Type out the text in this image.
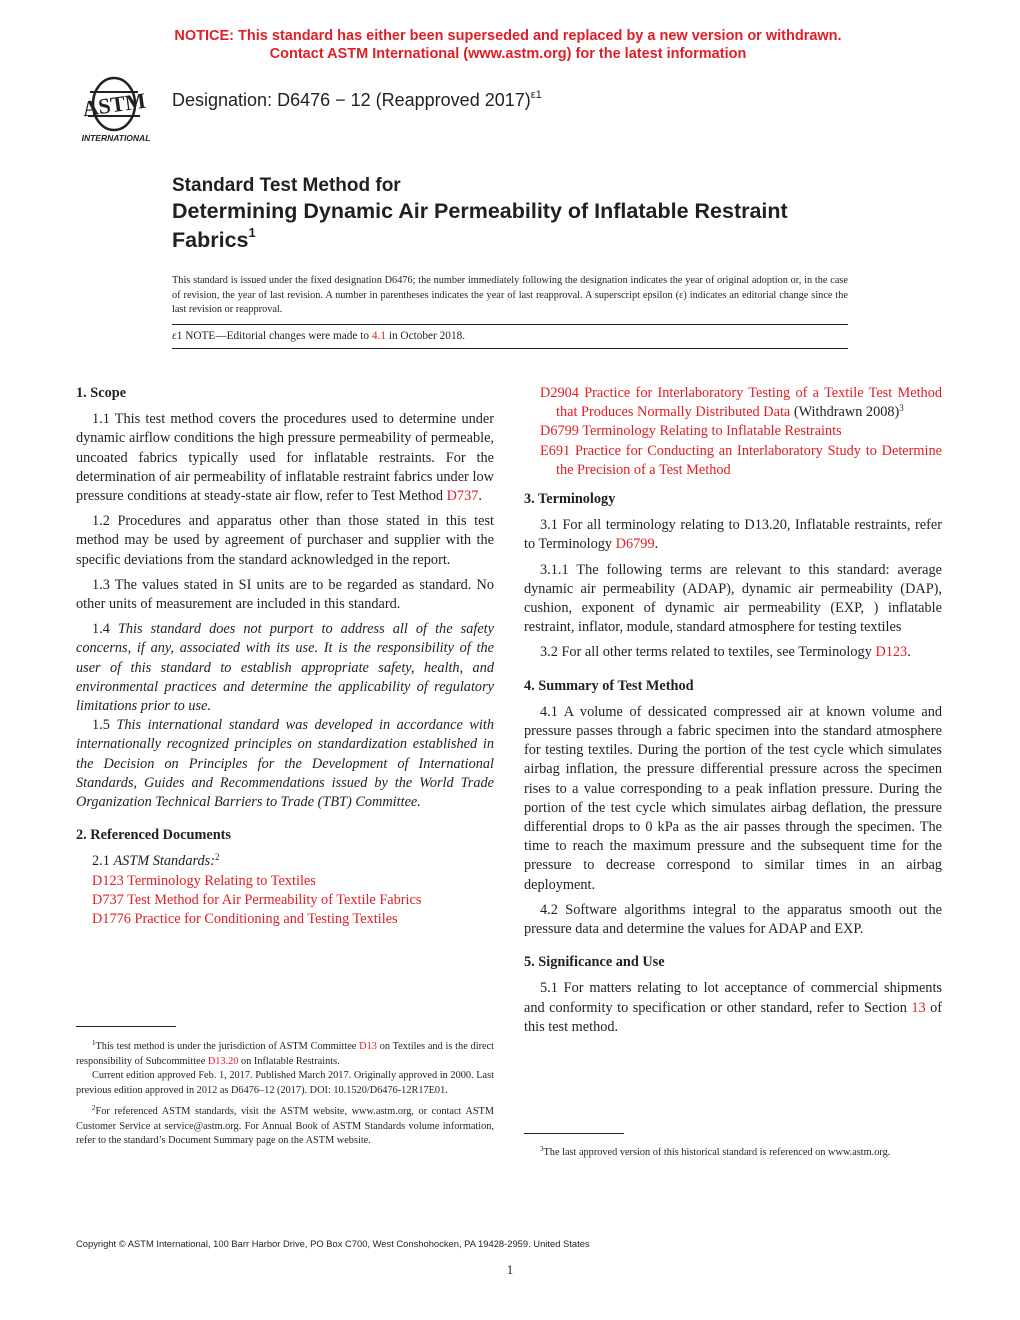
NOTICE: This standard has either been superseded and replaced by a new version or withdrawn.
Contact ASTM International (www.astm.org) for the latest information
ASTM
INTERNATIONAL
Designation: D6476 − 12 (Reapproved 2017)$^{\varepsilon 1}$
Standard Test Method for
Determining Dynamic Air Permeability of Inflatable Restraint
Fabrics$^1$
This standard is issued under the fixed designation D6476; the number immediately following the designation indicates the year of original adoption or, in the case of revision, the year of last revision. A number in parentheses indicates the year of last reapproval. A superscript epsilon (ε) indicates an editorial change since the last revision or reapproval.
ε1 NOTE—Editorial changes were made to 4.1 in October 2018.
1. Scope

1.1 This test method covers the procedures used to determine under dynamic airflow conditions the high pressure permeability of permeable, uncoated fabrics typically used for inflatable restraints. For the determination of air permeability of inflatable restraint fabrics under low pressure conditions at steady-state air flow, refer to Test Method D737.

1.2 Procedures and apparatus other than those stated in this test method may be used by agreement of purchaser and supplier with the specific deviations from the standard acknowledged in the report.

1.3 The values stated in SI units are to be regarded as standard. No other units of measurement are included in this standard.

1.4 This standard does not purport to address all of the safety concerns, if any, associated with its use. It is the responsibility of the user of this standard to establish appropriate safety, health, and environmental practices and determine the applicability of regulatory limitations prior to use.

1.5 This international standard was developed in accordance with internationally recognized principles on standardization established in the Decision on Principles for the Development of International Standards, Guides and Recommendations issued by the World Trade Organization Technical Barriers to Trade (TBT) Committee.

2. Referenced Documents
2.1 ASTM Standards:$^2$
D123 Terminology Relating to Textiles
D737 Test Method for Air Permeability of Textile Fabrics
D1776 Practice for Conditioning and Testing Textiles

$^1$This test method is under the jurisdiction of ASTM Committee D13 on Textiles and is the direct responsibility of Subcommittee D13.20 on Inflatable Restraints.

Current edition approved Feb. 1, 2017. Published March 2017. Originally approved in 2000. Last previous edition approved in 2012 as D6476–12 (2017). DOI: 10.1520/D6476-12R17E01.

$^2$For referenced ASTM standards, visit the ASTM website, www.astm.org, or contact ASTM Customer Service at service@astm.org. For Annual Book of ASTM Standards volume information, refer to the standard’s Document Summary page on the ASTM website.

D2904 Practice for Interlaboratory Testing of a Textile Test Method that Produces Normally Distributed Data (Withdrawn 2008)$^3$
D6799 Terminology Relating to Inflatable Restraints
E691 Practice for Conducting an Interlaboratory Study to Determine the Precision of a Test Method
3. Terminology

3.1 For all terminology relating to D13.20, Inflatable restraints, refer to Terminology D6799.

3.1.1 The following terms are relevant to this standard: average dynamic air permeability (ADAP), dynamic air permeability (DAP), cushion, exponent of dynamic air permeability (EXP, ) inflatable restraint, inflator, module, standard atmosphere for testing textiles

3.2 For all other terms related to textiles, see Terminology D123.

4. Summary of Test Method

4.1 A volume of dessicated compressed air at known volume and pressure passes through a fabric specimen into the standard atmosphere for testing textiles. During the portion of the test cycle which simulates airbag inflation, the pressure differential pressure across the specimen rises to a value corresponding to a peak inflation pressure. During the portion of the test cycle which simulates airbag deflation, the pressure differential drops to 0 kPa as the air passes through the specimen. The time to reach the maximum pressure and the subsequent time for the pressure to decrease correspond to similar times in an airbag deployment.

4.2 Software algorithms integral to the apparatus smooth out the pressure data and determine the values for ADAP and EXP.

5. Significance and Use

5.1 For matters relating to lot acceptance of commercial shipments and conformity to specification or other standard, refer to Section 13 of this test method.

$^3$The last approved version of this historical standard is referenced on www.astm.org.

Copyright © ASTM International, 100 Barr Harbor Drive, PO Box C700, West Conshohocken, PA 19428-2959. United States
1
